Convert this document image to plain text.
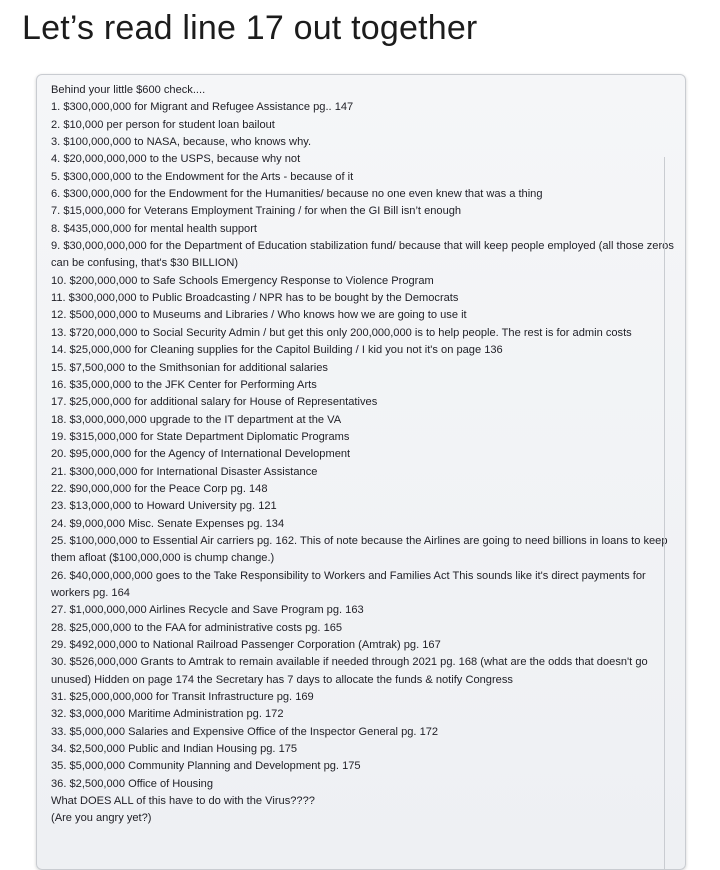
Let’s read line 17 out together
Behind your little $600 check....
1. $300,000,000 for Migrant and Refugee Assistance pg.. 147
2. $10,000 per person for student loan bailout
3. $100,000,000 to NASA, because, who knows why.
4. $20,000,000,000 to the USPS, because why not
5. $300,000,000 to the Endowment for the Arts - because of it
6. $300,000,000 for the Endowment for the Humanities/ because no one even knew that was a thing
7. $15,000,000 for Veterans Employment Training / for when the GI Bill isn’t enough
8. $435,000,000 for mental health support
9. $30,000,000,000 for the Department of Education stabilization fund/ because that will keep people employed (all those zeros can be confusing, that's $30 BILLION)
10. $200,000,000 to Safe Schools Emergency Response to Violence Program
11. $300,000,000 to Public Broadcasting / NPR has to be bought by the Democrats
12. $500,000,000 to Museums and Libraries / Who knows how we are going to use it
13. $720,000,000 to Social Security Admin / but get this only 200,000,000 is to help people. The rest is for admin costs
14. $25,000,000 for Cleaning supplies for the Capitol Building / I kid you not it's on page 136
15. $7,500,000 to the Smithsonian for additional salaries
16. $35,000,000 to the JFK Center for Performing Arts
17. $25,000,000 for additional salary for House of Representatives
18. $3,000,000,000 upgrade to the IT department at the VA
19. $315,000,000 for State Department Diplomatic Programs
20. $95,000,000 for the Agency of International Development
21. $300,000,000 for International Disaster Assistance
22. $90,000,000 for the Peace Corp pg. 148
23. $13,000,000 to Howard University pg. 121
24. $9,000,000 Misc. Senate Expenses pg. 134
25. $100,000,000 to Essential Air carriers pg. 162. This of note because the Airlines are going to need billions in loans to keep them afloat ($100,000,000 is chump change.)
26. $40,000,000,000 goes to the Take Responsibility to Workers and Families Act This sounds like it's direct payments for workers pg. 164
27. $1,000,000,000 Airlines Recycle and Save Program pg. 163
28. $25,000,000 to the FAA for administrative costs pg. 165
29. $492,000,000 to National Railroad Passenger Corporation (Amtrak) pg. 167
30. $526,000,000 Grants to Amtrak to remain available if needed through 2021 pg. 168 (what are the odds that doesn't go unused) Hidden on page 174 the Secretary has 7 days to allocate the funds & notify Congress
31. $25,000,000,000 for Transit Infrastructure pg. 169
32. $3,000,000 Maritime Administration pg. 172
33. $5,000,000 Salaries and Expensive Office of the Inspector General pg. 172
34. $2,500,000 Public and Indian Housing pg. 175
35. $5,000,000 Community Planning and Development pg. 175
36. $2,500,000 Office of Housing
What DOES ALL of this have to do with the Virus????
(Are you angry yet?)
